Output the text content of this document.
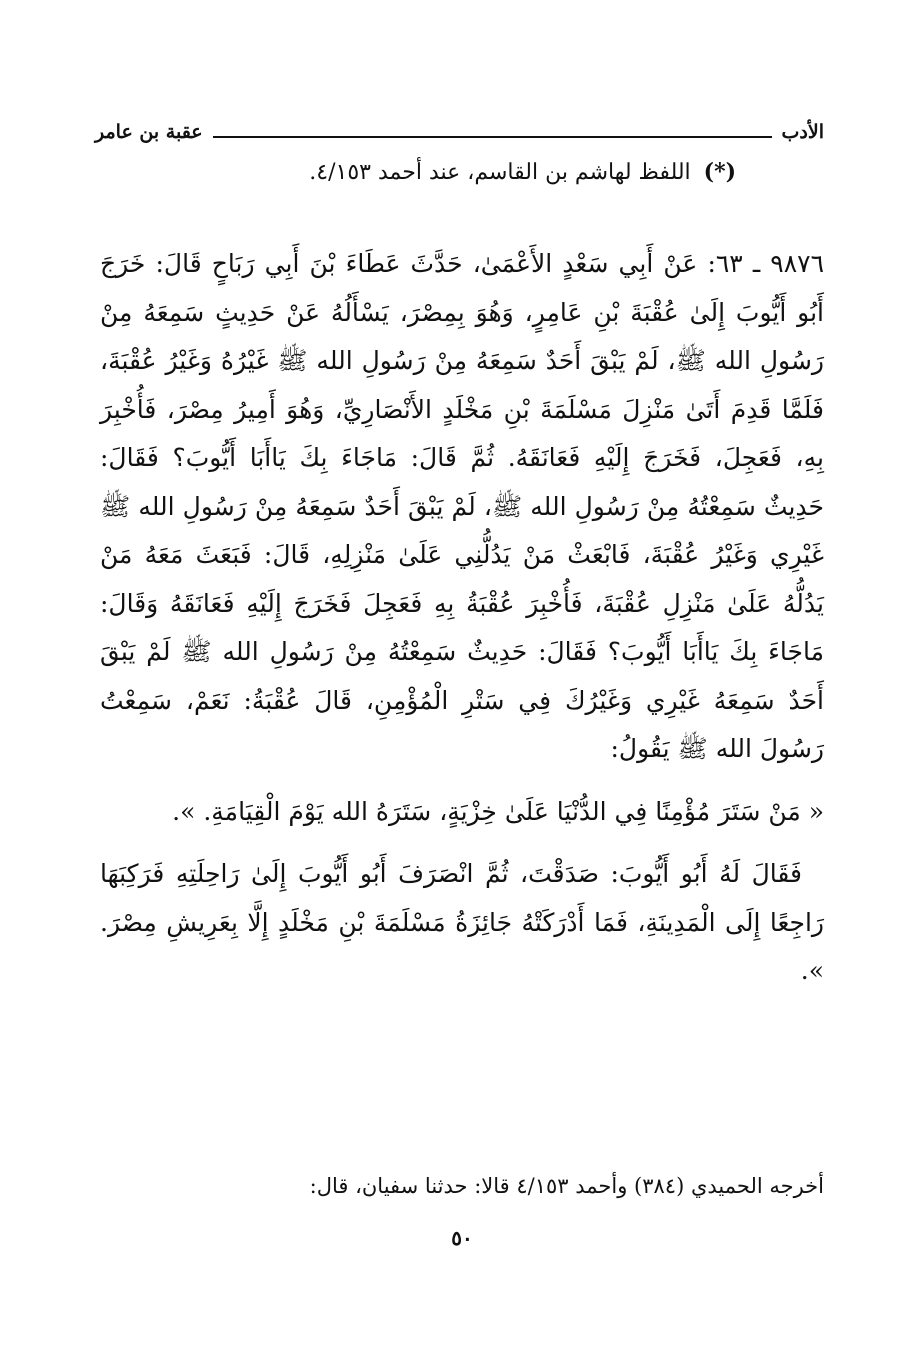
الأدب
عقبة بن عامر
(*) اللفظ لهاشم بن القاسم، عند أحمد ٤/١٥٣.

٩٨٧٦ ـ ٦٣: عَنْ أَبِي سَعْدٍ الأَعْمَىٰ، حَدَّثَ عَطَاءَ بْنَ أَبِي رَبَاحٍ قَالَ: خَرَجَ أَبُو أَيُّوبَ إِلَىٰ عُقْبَةَ بْنِ عَامِرٍ، وَهُوَ بِمِصْرَ، يَسْأَلُهُ عَنْ حَدِيثٍ سَمِعَهُ مِنْ رَسُولِ الله ﷺ، لَمْ يَبْقَ أَحَدٌ سَمِعَهُ مِنْ رَسُولِ الله ﷺ غَيْرُهُ وَغَيْرُ عُقْبَةَ، فَلَمَّا قَدِمَ أَتَىٰ مَنْزِلَ مَسْلَمَةَ بْنِ مَخْلَدٍ الأَنْصَارِيِّ، وَهُوَ أَمِيرُ مِصْرَ، فَأُخْبِرَ بِهِ، فَعَجِلَ، فَخَرَجَ إِلَيْهِ فَعَانَقَهُ. ثُمَّ قَالَ: مَاجَاءَ بِكَ يَاأَبَا أَيُّوبَ؟ فَقَالَ: حَدِيثٌ سَمِعْتُهُ مِنْ رَسُولِ الله ﷺ، لَمْ يَبْقَ أَحَدٌ سَمِعَهُ مِنْ رَسُولِ الله ﷺ غَيْرِي وَغَيْرُ عُقْبَةَ، فَابْعَثْ مَنْ يَدُلُّنِي عَلَىٰ مَنْزِلِهِ، قَالَ: فَبَعَثَ مَعَهُ مَنْ يَدُلُّهُ عَلَىٰ مَنْزِلِ عُقْبَةَ، فَأُخْبِرَ عُقْبَةُ بِهِ فَعَجِلَ فَخَرَجَ إِلَيْهِ فَعَانَقَهُ وَقَالَ: مَاجَاءَ بِكَ يَاأَبَا أَيُّوبَ؟ فَقَالَ: حَدِيثٌ سَمِعْتُهُ مِنْ رَسُولِ الله ﷺ لَمْ يَبْقَ أَحَدٌ سَمِعَهُ غَيْرِي وَغَيْرُكَ فِي سَتْرِ الْمُؤْمِنِ، قَالَ عُقْبَةُ: نَعَمْ، سَمِعْتُ رَسُولَ الله ﷺ يَقُولُ:

« مَنْ سَتَرَ مُؤْمِنًا فِي الدُّنْيَا عَلَىٰ خِزْيَةٍ، سَتَرَهُ الله يَوْمَ الْقِيَامَةِ. ».

فَقَالَ لَهُ أَبُو أَيُّوبَ: صَدَقْتَ، ثُمَّ انْصَرَفَ أَبُو أَيُّوبَ إِلَىٰ رَاحِلَتِهِ فَرَكِبَهَا رَاجِعًا إِلَى الْمَدِينَةِ، فَمَا أَدْرَكَتْهُ جَائِزَةُ مَسْلَمَةَ بْنِ مَخْلَدٍ إِلَّا بِعَرِيشِ مِصْرَ. ».

أخرجه الحميدي (٣٨٤) وأحمد ٤/١٥٣ قالا: حدثنا سفيان، قال:
٥٠
